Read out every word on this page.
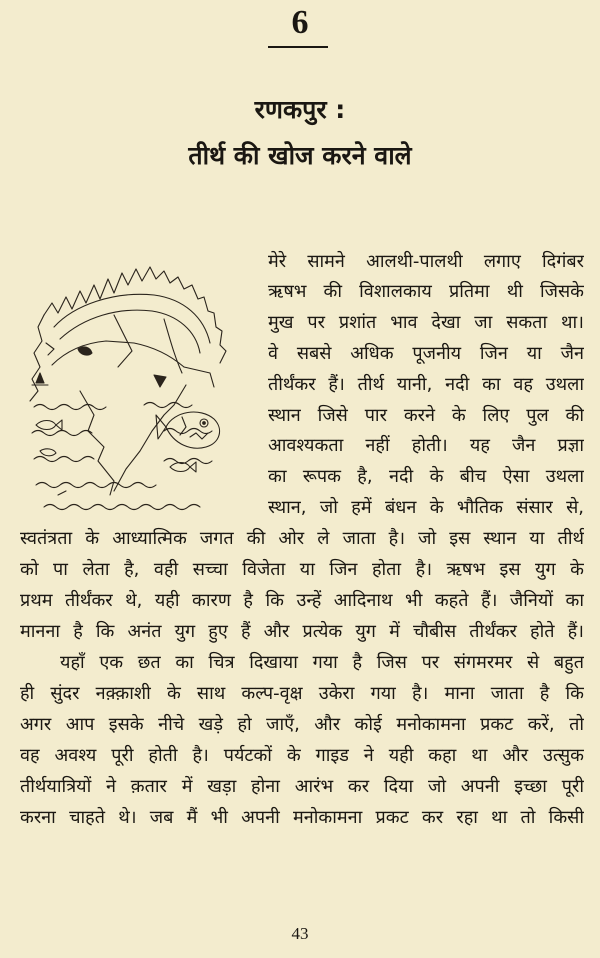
6
रणकपुर :
तीर्थ की खोज करने वाले
मेरे सामने आलथी-पालथी लगाए दिगंबर
ऋषभ की विशालकाय प्रतिमा थी जिसके
मुख पर प्रशांत भाव देखा जा सकता था।
वे सबसे अधिक पूजनीय जिन या जैन
तीर्थंकर हैं। तीर्थ यानी, नदी का वह उथला
स्थान जिसे पार करने के लिए पुल की
आवश्यकता नहीं होती। यह जैन प्रज्ञा
का रूपक है, नदी के बीच ऐसा उथला
स्थान, जो हमें बंधन के भौतिक संसार से,
स्वतंत्रता के आध्यात्मिक जगत की ओर ले जाता है। जो इस स्थान या तीर्थ
को पा लेता है, वही सच्चा विजेता या जिन होता है। ऋषभ इस युग के
प्रथम तीर्थंकर थे, यही कारण है कि उन्हें आदिनाथ भी कहते हैं। जैनियों का
मानना है कि अनंत युग हुए हैं और प्रत्येक युग में चौबीस तीर्थंकर होते हैं।
यहाँ एक छत का चित्र दिखाया गया है जिस पर संगमरमर से बहुत
ही सुंदर नक़्क़ाशी के साथ कल्प-वृक्ष उकेरा गया है। माना जाता है कि
अगर आप इसके नीचे खड़े हो जाएँ, और कोई मनोकामना प्रकट करें, तो
वह अवश्य पूरी होती है। पर्यटकों के गाइड ने यही कहा था और उत्सुक
तीर्थयात्रियों ने क़तार में खड़ा होना आरंभ कर दिया जो अपनी इच्छा पूरी
करना चाहते थे। जब मैं भी अपनी मनोकामना प्रकट कर रहा था तो किसी
43
